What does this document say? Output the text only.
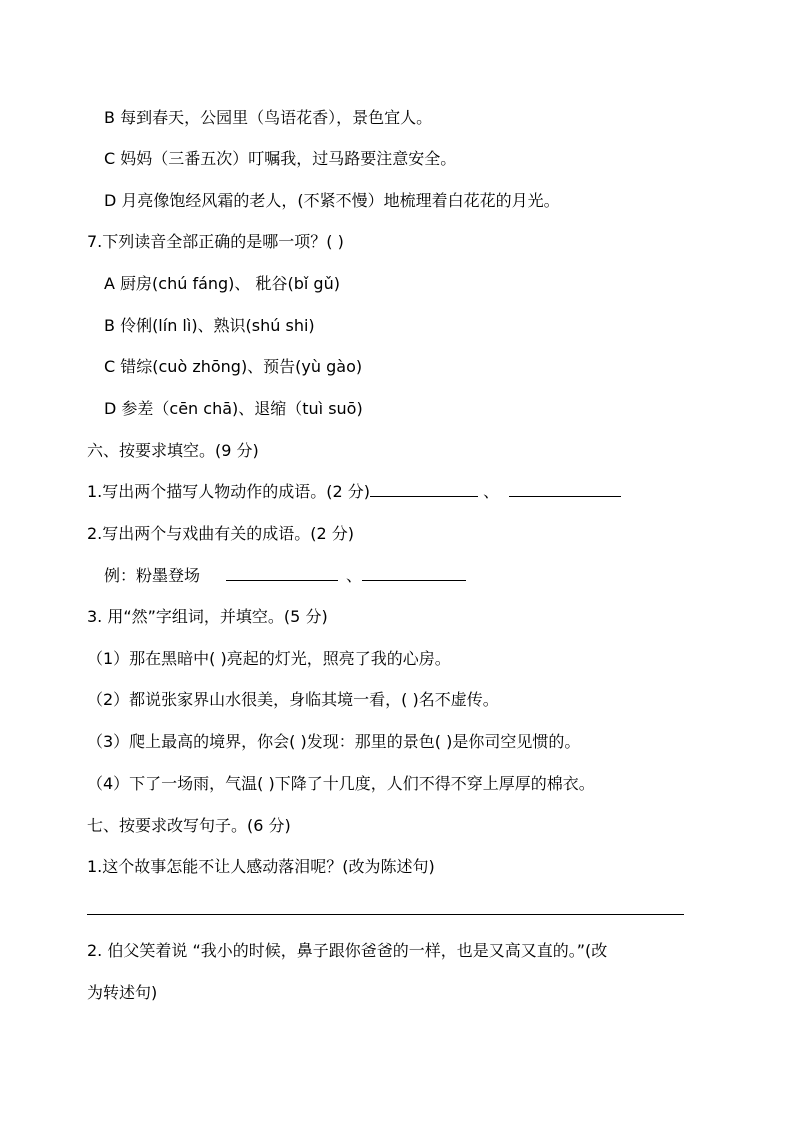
B 每到春天，公园里（鸟语花香），景色宜人。
C 妈妈（三番五次）叮嘱我，过马路要注意安全。
D 月亮像饱经风霜的老人，(不紧不慢）地梳理着白花花的月光。
7.下列读音全部正确的是哪一项？( )
A 厨房(chú fáng)、 秕谷(bǐ gǔ)
B 伶俐(lín lì)、熟识(shú shi)
C 错综(cuò zhōng)、预告(yù gào)
D 参差（cēn chā)、退缩（tuì suō)
六、按要求填空。(9 分)
1.写出两个描写人物动作的成语。(2 分)	、
2.写出两个与戏曲有关的成语。(2 分)
例：粉墨登场	、
3. 用“然”字组词，并填空。(5 分)
（1）那在黑暗中( )亮起的灯光，照亮了我的心房。
（2）都说张家界山水很美，身临其境一看，( )名不虚传。
（3）爬上最高的境界，你会( )发现：那里的景色( )是你司空见惯的。
（4）下了一场雨，气温( )下降了十几度，人们不得不穿上厚厚的棉衣。
七、按要求改写句子。(6 分)
1.这个故事怎能不让人感动落泪呢？(改为陈述句)
2. 伯父笑着说 “我小的时候，鼻子跟你爸爸的一样，也是又高又直的。”(改
为转述句)
